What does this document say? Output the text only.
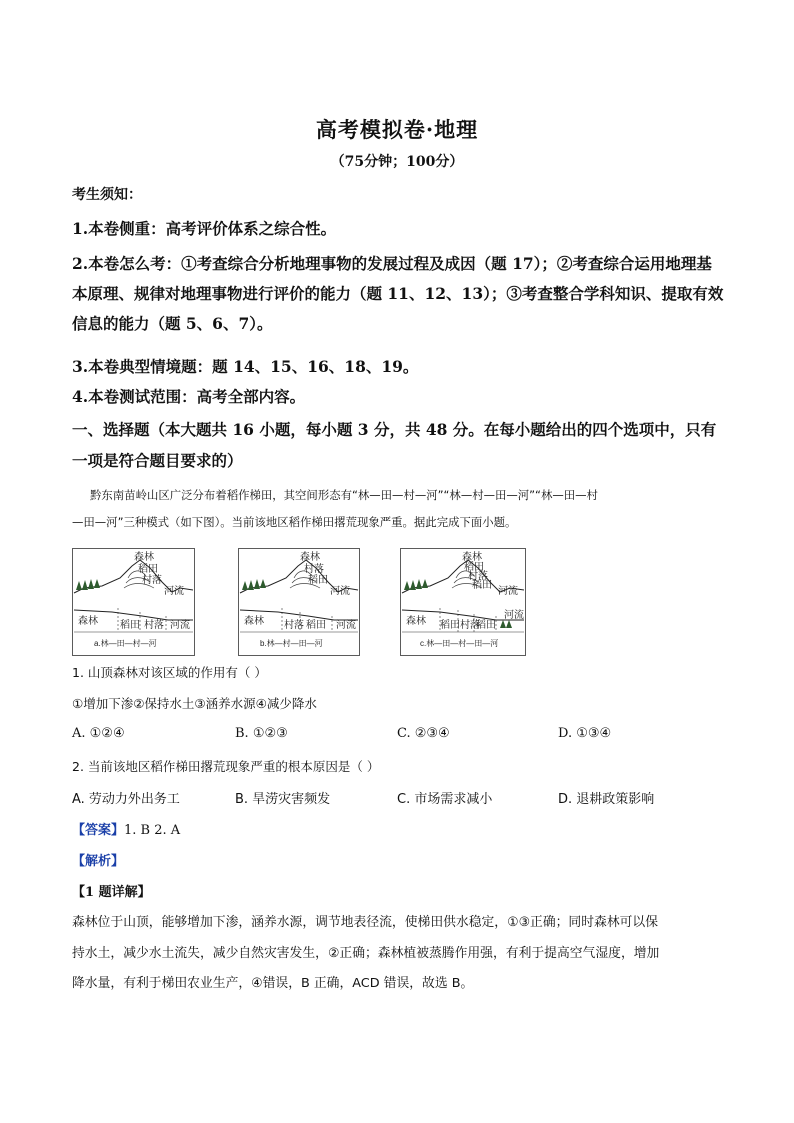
高考模拟卷·地理
（75分钟；100分）
考生须知：
1.本卷侧重：高考评价体系之综合性。
2.本卷怎么考：①考查综合分析地理事物的发展过程及成因（题 17）；②考查综合运用地理基
本原理、规律对地理事物进行评价的能力（题 11、12、13）；③考查整合学科知识、提取有效
信息的能力（题 5、6、7）。
3.本卷典型情境题：题 14、15、16、18、19。
4.本卷测试范围：高考全部内容。
一、选择题（本大题共 16 小题，每小题 3 分，共 48 分。在每小题给出的四个选项中，只有
一项是符合题目要求的）
黔东南苗岭山区广泛分布着稻作梯田，其空间形态有“林—田—村—河”“林—村—田—河”“林—田—村
—田—河”三种模式（如下图）。当前该地区稻作梯田撂荒现象严重。据此完成下面小题。
森林
稻田
村落
河流
森林 稻田 村落 河流
a.林—田—村—河
森林
村落
稻田
河流
森林 村落 稻田 河流
b.林—村—田—河
森林
稻田
村落
稻田
河流
森林 稻田 村落
稻田
河流
c.林—田—村—田—河
1. 山顶森林对该区域的作用有（ ）
①增加下渗②保持水土③涵养水源④减少降水
A. ①②④	B. ①②③	C. ②③④	D. ①③④
2. 当前该地区稻作梯田撂荒现象严重的根本原因是（ ）
A. 劳动力外出务工	B. 旱涝灾害频发	C. 市场需求减小	D. 退耕政策影响
【答案】1. B 2. A
【解析】
【1 题详解】
森林位于山顶，能够增加下渗，涵养水源，调节地表径流，使梯田供水稳定，①③正确；同时森林可以保
持水土，减少水土流失，减少自然灾害发生，②正确；森林植被蒸腾作用强，有利于提高空气湿度，增加
降水量，有利于梯田农业生产，④错误，B 正确，ACD 错误，故选 B。
